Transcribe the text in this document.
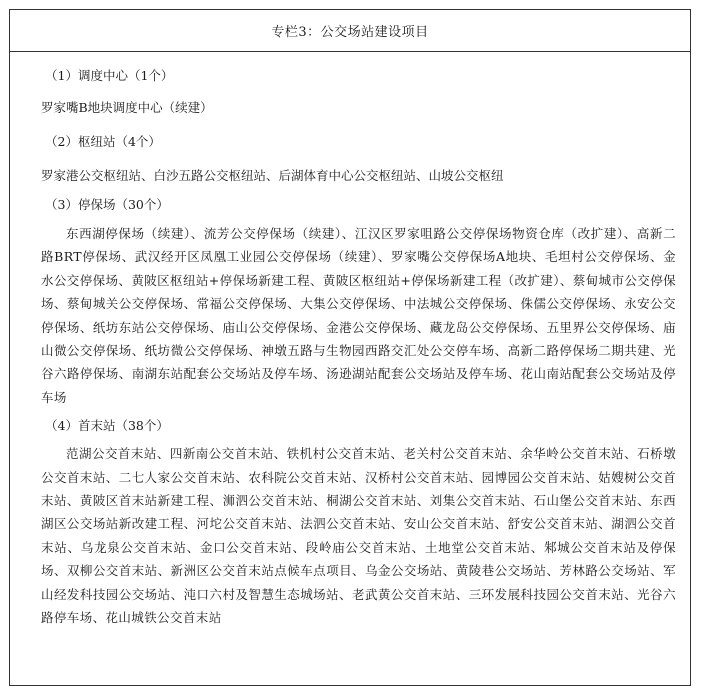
专栏3：公交场站建设项目

（1）调度中心（1个）

罗家嘴B地块调度中心（续建）

（2）枢纽站（4个）

罗家港公交枢纽站、白沙五路公交枢纽站、后湖体育中心公交枢纽站、山坡公交枢纽

（3）停保场（30个）

东西湖停保场（续建）、流芳公交停保场（续建）、江汉区罗家咀路公交停保场物资仓库（改扩建）、高新二路BRT停保场、武汉经开区凤凰工业园公交停保场（续建）、罗家嘴公交停保场A地块、毛坦村公交停保场、金水公交停保场、黄陂区枢纽站+停保场新建工程、黄陂区枢纽站+停保场新建工程（改扩建）、蔡甸城市公交停保场、蔡甸城关公交停保场、常福公交停保场、大集公交停保场、中法城公交停保场、侏儒公交停保场、永安公交停保场、纸坊东站公交停保场、庙山公交停保场、金港公交停保场、藏龙岛公交停保场、五里界公交停保场、庙山微公交停保场、纸坊微公交停保场、神墩五路与生物园西路交汇处公交停车场、高新二路停保场二期共建、光谷六路停保场、南湖东站配套公交场站及停车场、汤逊湖站配套公交场站及停车场、花山南站配套公交场站及停车场

（4）首末站（38个）

范湖公交首末站、四新南公交首末站、铁机村公交首末站、老关村公交首末站、余华岭公交首末站、石桥墩公交首末站、二七人家公交首末站、农科院公交首末站、汉桥村公交首末站、园博园公交首末站、姑嫂树公交首末站、黄陂区首末站新建工程、浉泗公交首末站、桐湖公交首末站、刘集公交首末站、石山堡公交首末站、东西湖区公交场站新改建工程、河坨公交首末站、法泗公交首末站、安山公交首末站、舒安公交首末站、湖泗公交首末站、乌龙泉公交首末站、金口公交首末站、段岭庙公交首末站、土地堂公交首末站、邾城公交首末站及停保场、双柳公交首末站、新洲区公交首末站点候车点项目、乌金公交场站、黄陵巷公交场站、芳林路公交场站、军山经发科技园公交场站、沌口六村及智慧生态城场站、老武黄公交首末站、三环发展科技园公交首末站、光谷六路停车场、花山城铁公交首末站
